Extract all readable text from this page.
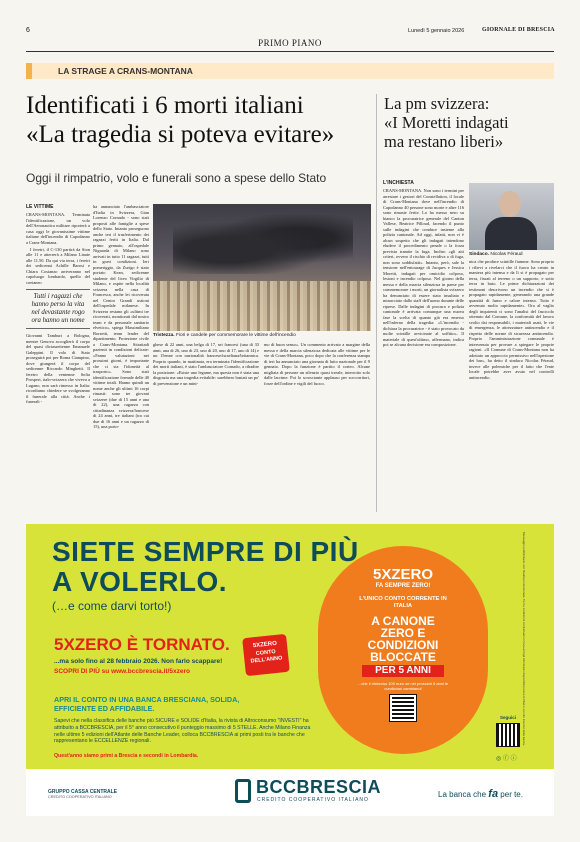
6	Lunedì 5 gennaio 2026	GIORNALE DI BRESCIA
PRIMO PIANO
LA STRAGE A CRANS-MONTANA
Identificati i 6 morti italiani
«La tragedia si poteva evitare»
Oggi il rimpatrio, volo e funerali sono a spese dello Stato
LE VITTIME

CRANS-MONTANA. Terminata l'identificazione, un volo dell'Aeronautica militare riporterà a casa oggi le giovanissime vittime italiane dell'incendio di Capodanno a Crans-Montana.

I feretri, il C-130 partirà da Sion alle 11 e atterrerà a Milano Linate alle 11.50. Da qui via terra, i feretri dei sedicenni Achille Barosi e Chiara Costanzo arriveranno nel capoluogo lombardo, quello del coetaneo

Tutti i ragazzi che hanno perso la vita nel devastante rogo ora hanno un nome

Giovanni Tamburi a Bologna, mentre Genova accoglierà il corpo del quasi diciassettenne Emanuele Galeppini. Il volo di Stato proseguirà poi per Roma Ciampino, dove giungerà il corpo del sedicenne Riccardo Minghetti. Il feretro della ventenne Sofia Prosperi, italo-svizzera che viveva a Lugano, non sarà rimesso in Italia: ricordiamo chiedere se svolgeranno il funerale alla città. Anche i funerali -

ha annunciato l'ambasciatore d'Italia in Svizzera, Gian Lorenzo Cornado - sono stati proposti alle famiglie a spese dello Stato. Intanto proseguono anche ieri il trasferimento dei ragazzi feriti in Italia. Dal primo gennaio, all'ospedale Niguarda di Milano sono arrivati in tutto 11 ragazzi, tutti in gravi condizioni. Ieri pomeriggio, da Zurigo è stato portato Kean, sedicenne studente del liceo Virgilio di Milano, e ospite nella località svizzera nella casa di Francesca, anche lei ricoverata nel Centro Grandi ustioni dell'ospedale milanese. In Svizzera restano gli «ultimi tre ricoverati, monitorati dal nostro team e da personale sanitario elvetico», spiega Massimiliano Borzetti, team leader del dipartimento. Protezione civile a Crans-Montana. Sitrattadi pazienti in condizioni delicate: «Fanno valutazioni nei prossimi giorni, è importante che ci sia l'idoneità al trasporto». Sono stati identificazione formale delle 40 vittime totali. Hanno quindi un nome anche gli ultimi 16 corpi rimasti: sono tre giovani svizzere (due di 15 anni e una di 22), una ragazza con cittadinanza svizzera/francese di 24 anni, tre italiani (tra cui due di 16 anni e un ragazzo di 15), una porto-

Tristezza. Fiori e candele per commemorare le vittime dell'incendio

ghese di 22 anni, una belga di 17, sei francesi (una di 33 anni, una di 26, uno di 23, uno di 20, uno di 17, uno di 14) e un 15enne con nazionalità francese/israeliana/britannica. Proprio quando, in mattinata, era terminata l'identificazione dei morti italiani, è stato l'ambasciatore Cornado, a ribadire la posizione: «Esiste uno legame, ma questa non è stata una disgrazia ma una tragedia evitabile: sarebbero bastati un po' di prevenzione e un mini-

mo di buon senso». Un commento arrivato a margine della messa e della marcia silenziosa dedicata alle vittime per le vie di Crans-Montana, poco dopo che la conferenza stampa di ieri ha annunciato una giornata di lutto nazionale per il 9 gennaio. Dopo la funzione è partito il corteo. Alcune migliaia di persone un silenzio quasi irreale, interrotto solo dalle lacrime. Poi lo scrosciante applauso per soccorritori, forze dell'ordine e vigili del fuoco.

La pm svizzera:
«I Moretti indagati
ma restano liberi»
L'INCHIESTA

CRANS-MONTANA. Non sono i termini per arrestare i gestori del Constellation, il locale di Crans-Montana dove nell'incendio di Capodanno 40 persone sono morte e altre 116 sono rimaste ferite. Lo ha messo nero su bianco la procuratrice generale del Canton Vallese, Beatrice Pilloud, facendo il punto sulle indagini che conduce insieme alla polizia cantonale. Ad oggi, infatti, non vi è alcun sospetto che gli indagati intendono eludere il procedimento penale o la forza prevista tramite la fuga. Inoltro «gli atti criteri, ovvero il rischio di recidiva o di fuga, non sono soddisfatti». Intanto, però, sale la tensione nell'entourage di Jacques e Jessica Moretti, indagati per omicidio colposo, lesioni e incendio colposo. Nel giorno della messa e della marcia silenziosa in paese per commemorare i morti, un giornalista svizzero ha denunciato di essere stato insultato e minacciato dallo staff dell'uomo durante delle riprese. Dalle indagini di procura e polizia cantonale è arrivata comunque una nuova fase la scelta di quanto già era emerso nell'inferno della tragedia: «L'incendio - dichiara la procuratrice - è stato provocato da molte scintille avvicinate al soffitto». Il materiale di quest'ultimo, affermano, indica poi se alcuna decisione era composizione.

Sindaco. Nicolas Féraud

nica che produce scintille fiamme. Sono proprio i rilievi a rivelarci che il fuoco ha creato in maniera più intensa e da lì si è propagato per terra, fissati al terreno o un supporto, e sotto terra in buio. Le prime dichiarazioni dei testimoni descrivono un incendio che si è propagato rapidamente, generando una grande quantità di fumo e calore intenso. Tutto è avvenuto molto rapidamente». Ora al vaglio degli inquirenti ci sono l'analisi del fascicolo ottenuto dal Comune, la conformità del lavoro svolto dai responsabili, i materiali usati, le vie di emergenza, le attrezzature antincendio e il rispetto delle norme di sicurezza antincendio. Proprio l'amministrazione comunale è intervenuta per provare a spiegare le proprie ragioni. «Il Comune di Crans-Montana non ha adottato un approccio permissivo nell'ispezione dei bar», ha detto il sindaco Nicolas Féraud, invece alle polemiche per il fatto che l'ente locale potrebbe aver avuto nel controlli antincendio.

SIETE SEMPRE DI PIÙ
A VOLERLO.
(…e come darvi torto!)
5XZERO È TORNATO.
...ma solo fino al 28 febbraio 2026. Non farlo scappare!
SCOPRI DI PIÙ su www.bccbrescia.it/5xzero
5XZERO
CONTO DELL'ANNO
APRI IL CONTO IN UNA BANCA BRESCIANA, SOLIDA,
EFFICIENTE ED AFFIDABILE.
Sapevi che nella classifica delle banche più SICURE e SOLIDE d'Italia, la rivista di Altroconsumo "INVESTI" ha attribuito a BCCBRESCIA, per il 5° anno consecutivo il punteggio massimo di 5 STELLE. Anche Milano Finanza nelle ultime 5 edizioni dell'Atlante delle Banche Leader, colloca BCCBRESCIA ai primi posti tra le banche che rappresentano le ECCELLENZE regionali.
Quest'anno siamo primi a Brescia e secondi in Lombardia.
5XZERO
FA SEMPRE ZERO!
L'UNICO CONTO CORRENTE IN ITALIA
A CANONE
ZERO E
CONDIZIONI
BLOCCATE
PER 5 ANNI
...che il rimborso 100 euro se nei prossimi 5 anni le condizioni cambiano!
Seguici
◎ ⓕ ⓘ
Messaggio pubblicitario con finalità promozionale. Per le condizioni contrattuali si rinvia ai fogli informativi disponibili presso le filiali e sul sito internet della banca.
GRUPPO CASSA CENTRALE
CREDITO COOPERATIVO ITALIANO	BCCBRESCIA
CREDITO COOPERATIVO ITALIANO
La banca che fa per te.
